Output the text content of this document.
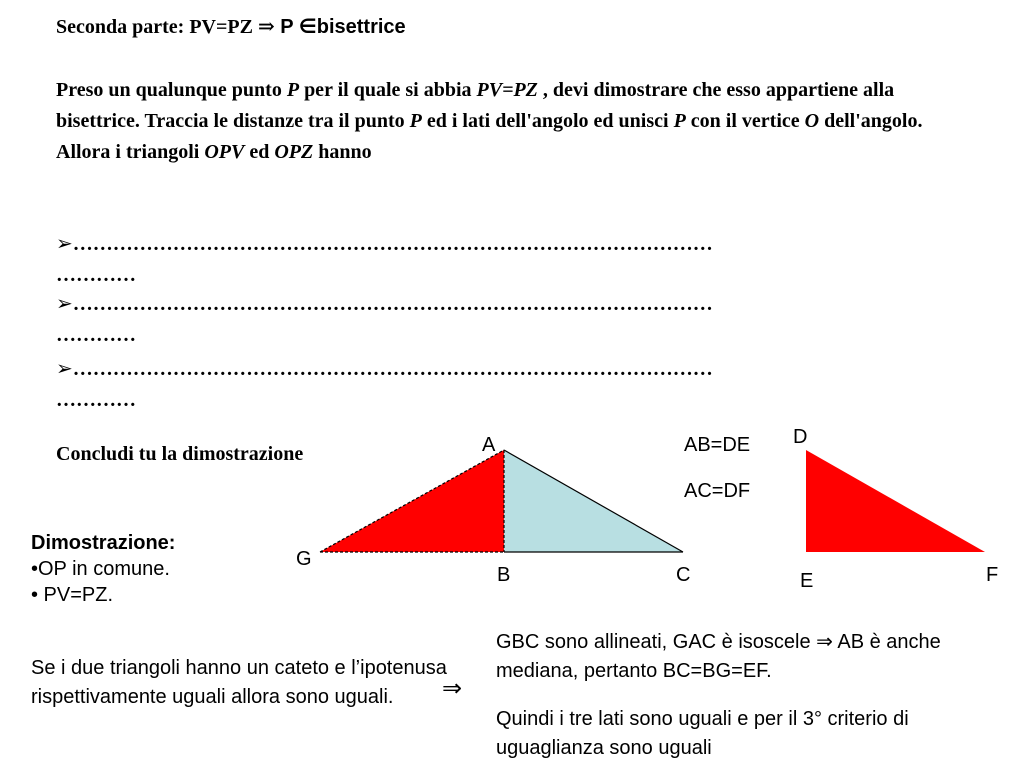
Seconda parte: PV=PZ ⇒ P ∈bisettrice
Preso un qualunque punto P per il quale si abbia PV=PZ , devi dimostrare che esso appartiene alla bisettrice. Traccia le distanze tra il punto P ed i lati dell'angolo ed unisci P con il vertice O dell'angolo. Allora i triangoli OPV ed OPZ hanno
➢……………………………………………………………………………………
…………
➢……………………………………………………………………………………
…………
➢……………………………………………………………………………………
…………
Concludi tu la dimostrazione	A
B	C
G
D
E	F
AB=DE
AC=DF
Dimostrazione:
•OP in comune.
• PV=PZ.
Se i due triangoli hanno un cateto e l’ipotenusa rispettivamente uguali allora sono uguali.	⇒
GBC sono allineati, GAC è isoscele ⇒ AB è anche mediana, pertanto BC=BG=EF.
Quindi i tre lati sono uguali e per il 3° criterio di uguaglianza sono uguali
